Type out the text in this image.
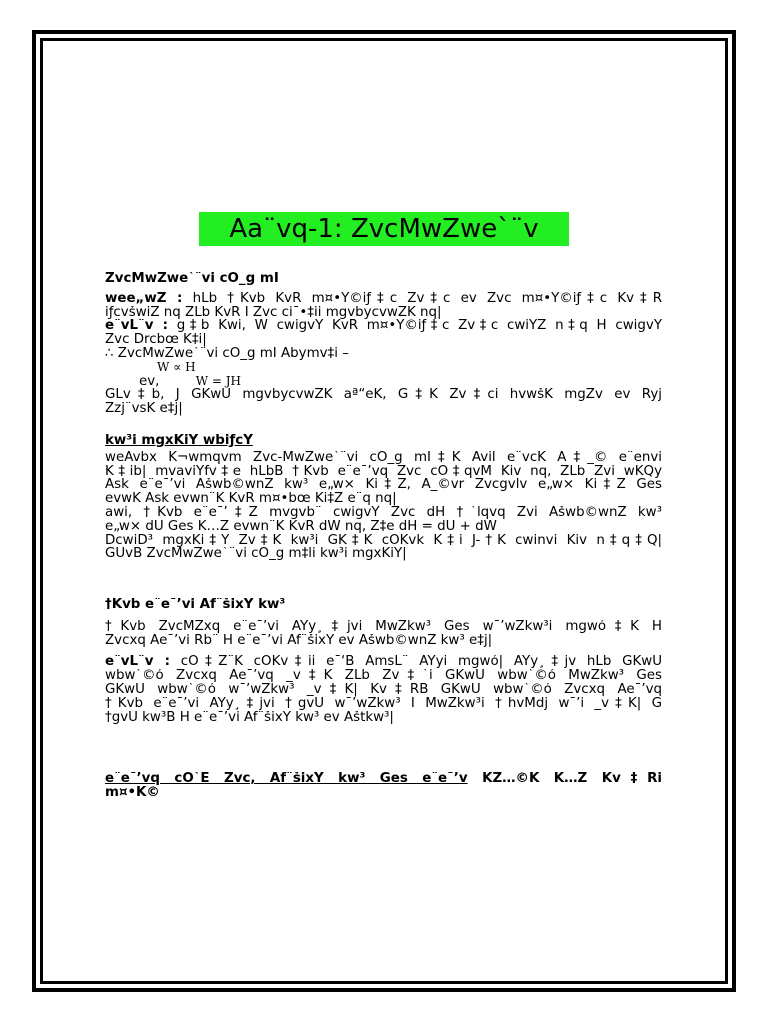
Aa¨vq-1: ZvcMwZwe`¨v
ZvcMwZwe`¨vi cÖ_g mÎ
wee„wZ : hLb †Kvb KvR m¤•Y©iƒ‡c Zv‡c ev Zvc m¤•Y©iƒ‡c Kv‡R
iƒcvšwiZ nq ZLb KvR I Zvc ci¯•‡ii mgvbycvwZK nq|
e¨vL¨v : g‡b Kwi, W cwigvY KvR m¤•Y©iƒ‡c Zv‡c cwiYZ n‡q H cwigvY
Zvc Drcbœ K‡i|
∴ ZvcMwZwe`¨vi cÖ_g mÎ Abymv‡i –
W ∝ H
ev,	W = JH
GLv‡b, J GKwU mgvbycvwZK aª“eK, G‡K Zv‡ci hvwšK mgZv ev Ryj
Zzj¨vsK e‡j|
kw³i mgxKiY wbiƒcY
weÁvbx K¬wmqvm Zvc-MwZwe`¨vi cÖ_g mÎ‡K Avil e¨vcK A‡_© e¨envi
K‡ib| mvaviYfv‡e hLbB †Kvb e¨e¯’vq Zvc cÖ‡qvM Kiv nq, ZLb Zvi wKQy
Ask e¨e¯’vi Ašwb©wnZ kw³ e„w× Ki‡Z, A_©vr Zvcgvlv e„w× Ki‡Z Ges
evwK Ask evwn¨K KvR m¤•bœ Ki‡Z e¨q nq|
awi, †Kvb e¨e¯’‡Z mvgvb¨ cwigvY Zvc dH †`lqvq Zvi Ašwb©wnZ kw³
e„w× dU Ges K…Z evwn¨K KvR dW nq, Z‡e dH = dU + dW
DcwiD³ mgxKi‡Y Zv‡K kw³i GK‡K cÖKvk K‡i J-†K cwinvi Kiv n‡q‡Q|
GUvB ZvcMwZwe`¨vi cÖ_g m‡li kw³i mgxKiY|
†Kvb e¨e¯’vi Af¨šixY kw³
†Kvb ZvcMZxq e¨e¯’vi AYy¸‡jvi MwZkw³ Ges w¯’wZkw³i mgwó‡K H
Zvcxq Ae¯’vi Rb¨ H e¨e¯’vi Af¨šixY ev Ašwb©wnZ kw³ e‡j|
e¨vL¨v : cÖ‡Z¨K cÖKv‡ii e¯‘B AmsL¨ AYyi mgwó| AYy¸‡jv hLb GKwU
wbw`©ó Zvcxq Ae¯’vq _v‡K ZLb Zv‡`i GKwU wbw`©ó MwZkw³ Ges
GKwU wbw`©ó w¯’wZkw³ _v‡K| Kv‡RB GKwU wbw`©ó Zvcxq Ae¯’vq
†Kvb e¨e¯’vi AYy¸‡jvi †gvU w¯’wZkw³ I MwZkw³i †hvMdj w¯’i _v‡K| G
†gvU kw³B H e¨e¯’vi Af¨šixY kw³ ev Aštkw³|
e¨e¯’vq cÖ`Ë Zvc, Af¨šixY kw³ Ges e¨e¯’v KZ…©K K…Z Kv‡Ri
m¤•K©
